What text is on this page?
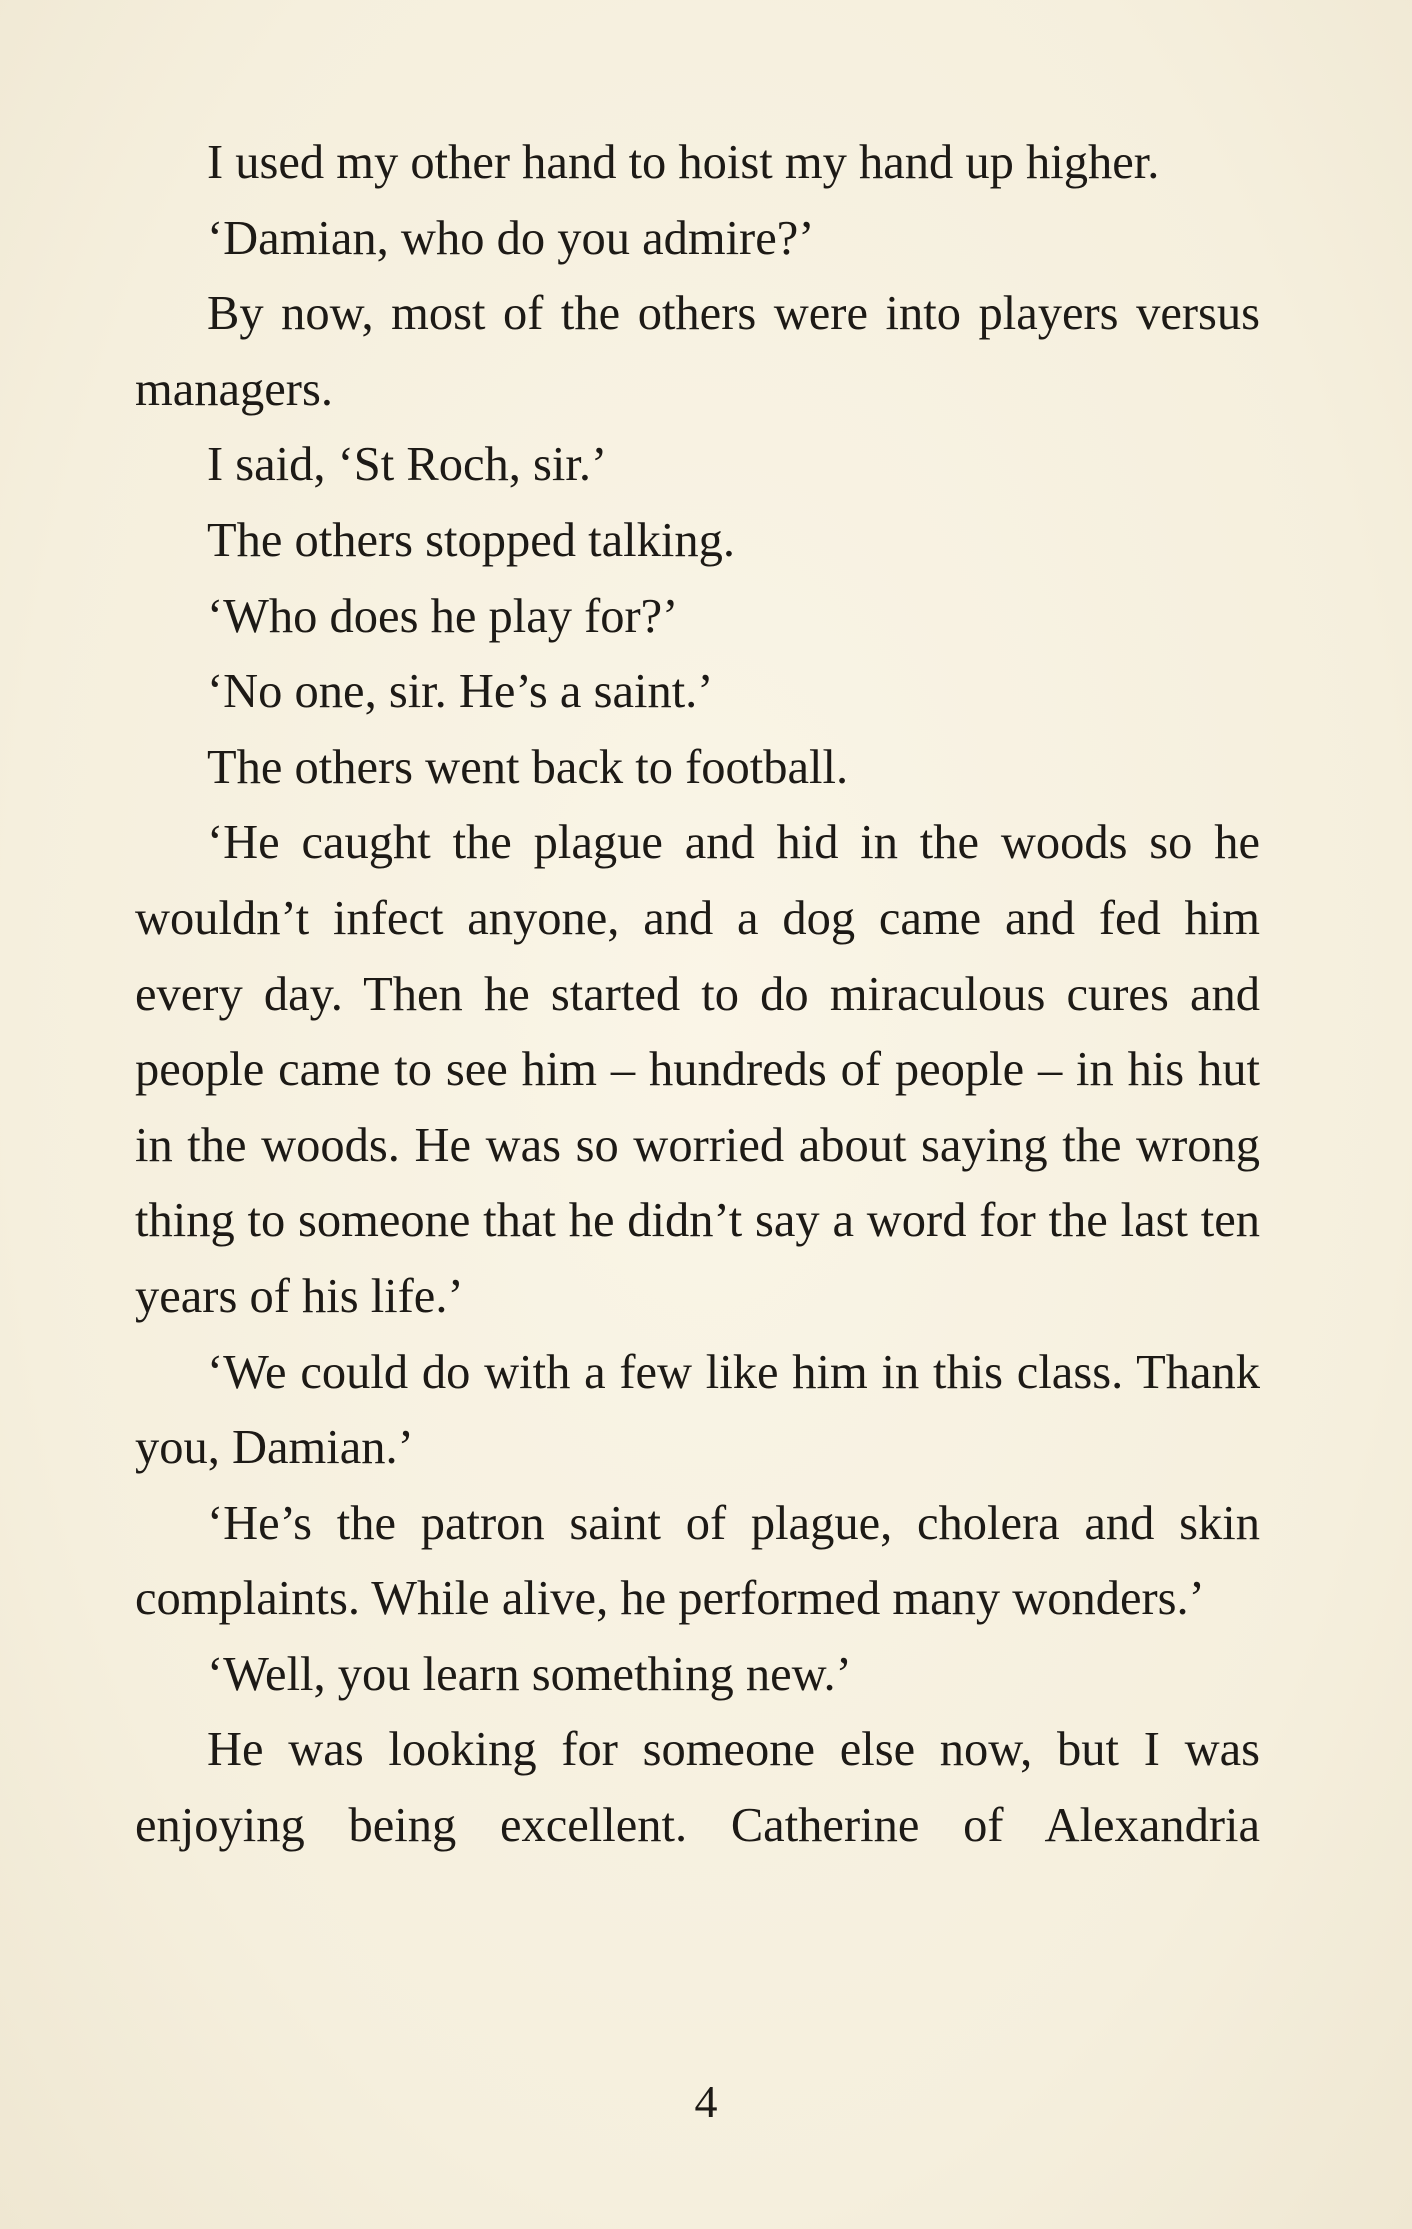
I used my other hand to hoist my hand up higher.

‘Damian, who do you admire?’

By now, most of the others were into players versus managers.

I said, ‘St Roch, sir.’

The others stopped talking.

‘Who does he play for?’

‘No one, sir. He’s a saint.’

The others went back to football.

‘He caught the plague and hid in the woods so he wouldn’t infect anyone, and a dog came and fed him every day. Then he started to do miraculous cures and people came to see him – hundreds of people – in his hut in the woods. He was so worried about saying the wrong thing to someone that he didn’t say a word for the last ten years of his life.’

‘We could do with a few like him in this class. Thank you, Damian.’

‘He’s the patron saint of plague, cholera and skin complaints. While alive, he performed many wonders.’

‘Well, you learn something new.’

He was looking for someone else now, but I was enjoying being excellent. Catherine of Alexandria

4
